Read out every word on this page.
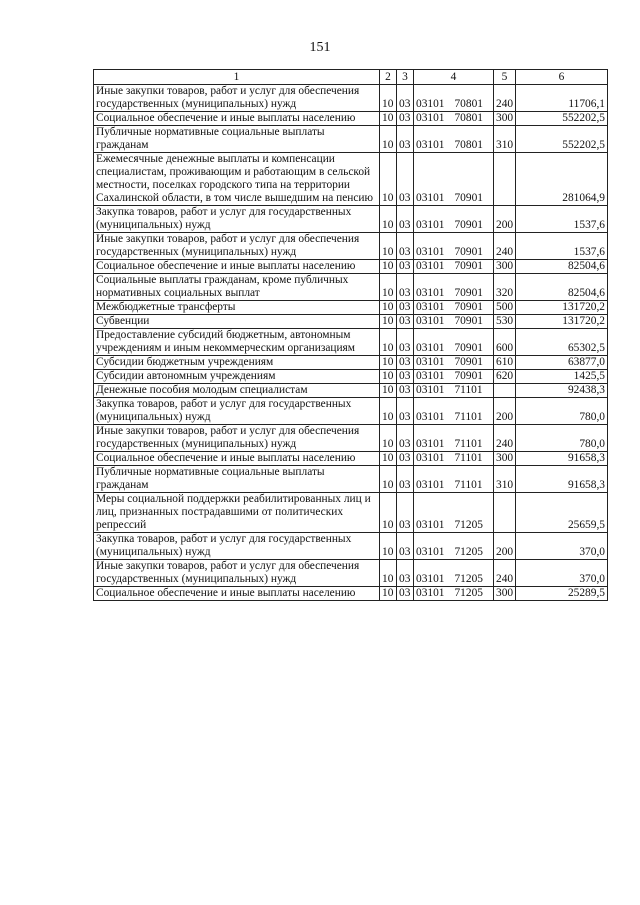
151
1	2	3	4	5	6
Иные закупки товаров, работ и услуг для обеспечения государственных (муниципальных) нужд	10	03	03101 70801	240	11706,1
Социальное обеспечение и иные выплаты населению	10	03	03101 70801	300	552202,5
Публичные нормативные социальные выплаты гражданам	10	03	03101 70801	310	552202,5
Ежемесячные денежные выплаты и компенсации специалистам, проживающим и работающим в сельской местности, поселках городского типа на территории Сахалинской области, в том числе вышедшим на пенсию	10	03	03101 70901		281064,9
Закупка товаров, работ и услуг для государственных (муниципальных) нужд	10	03	03101 70901	200	1537,6
Иные закупки товаров, работ и услуг для обеспечения государственных (муниципальных) нужд	10	03	03101 70901	240	1537,6
Социальное обеспечение и иные выплаты населению	10	03	03101 70901	300	82504,6
Социальные выплаты гражданам, кроме публичных нормативных социальных выплат	10	03	03101 70901	320	82504,6
Межбюджетные трансферты	10	03	03101 70901	500	131720,2
Субвенции	10	03	03101 70901	530	131720,2
Предоставление субсидий бюджетным, автономным учреждениям и иным некоммерческим организациям	10	03	03101 70901	600	65302,5
Субсидии бюджетным учреждениям	10	03	03101 70901	610	63877,0
Субсидии автономным учреждениям	10	03	03101 70901	620	1425,5
Денежные пособия молодым специалистам	10	03	03101 71101		92438,3
Закупка товаров, работ и услуг для государственных (муниципальных) нужд	10	03	03101 71101	200	780,0
Иные закупки товаров, работ и услуг для обеспечения государственных (муниципальных) нужд	10	03	03101 71101	240	780,0
Социальное обеспечение и иные выплаты населению	10	03	03101 71101	300	91658,3
Публичные нормативные социальные выплаты гражданам	10	03	03101 71101	310	91658,3
Меры социальной поддержки реабилитированных лиц и лиц, признанных пострадавшими от политических репрессий	10	03	03101 71205		25659,5
Закупка товаров, работ и услуг для государственных (муниципальных) нужд	10	03	03101 71205	200	370,0
Иные закупки товаров, работ и услуг для обеспечения государственных (муниципальных) нужд	10	03	03101 71205	240	370,0
Социальное обеспечение и иные выплаты населению	10	03	03101 71205	300	25289,5
